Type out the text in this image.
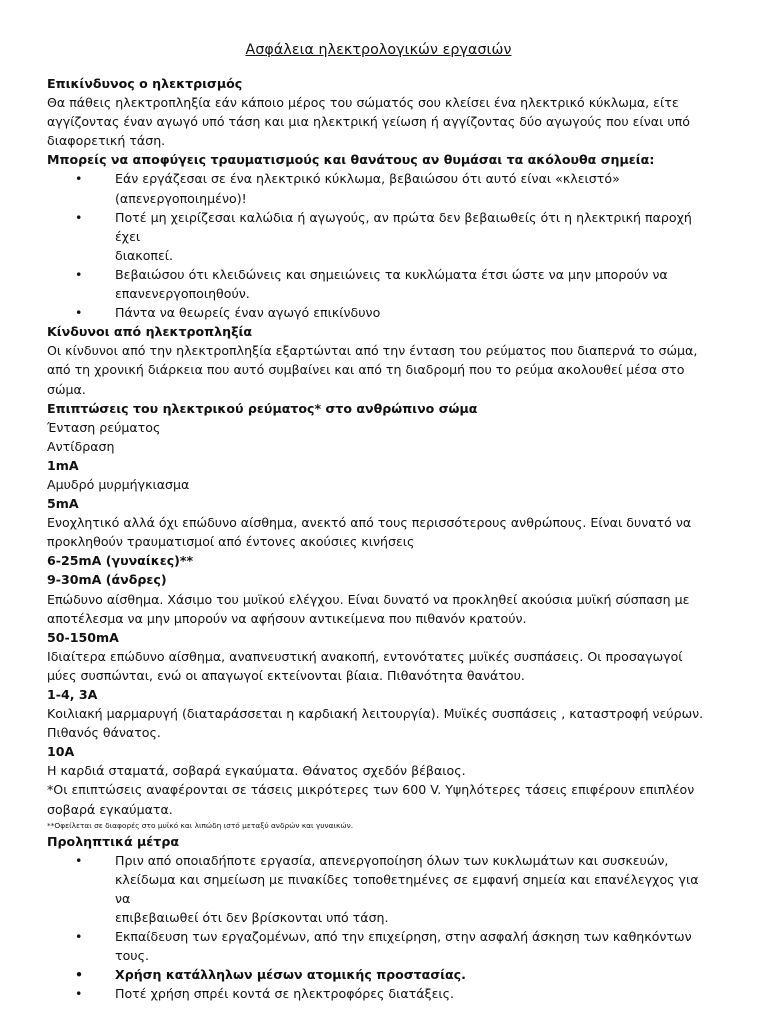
Ασφάλεια ηλεκτρολογικών εργασιών
Επικίνδυνος ο ηλεκτρισμός
Θα πάθεις ηλεκτροπληξία εάν κάποιο μέρος του σώματός σου κλείσει ένα ηλεκτρικό κύκλωμα, είτε
αγγίζοντας έναν αγωγό υπό τάση και μια ηλεκτρική γείωση ή αγγίζοντας δύο αγωγούς που είναι υπό
διαφορετική τάση.
Μπορείς να αποφύγεις τραυματισμούς και θανάτους αν θυμάσαι τα ακόλουθα σημεία:
• Εάν εργάζεσαι σε ένα ηλεκτρικό κύκλωμα, βεβαιώσου ότι αυτό είναι «κλειστό»
(απενεργοποιημένο)!
• Ποτέ μη χειρίζεσαι καλώδια ή αγωγούς, αν πρώτα δεν βεβαιωθείς ότι η ηλεκτρική παροχή έχει
διακοπεί.
• Βεβαιώσου ότι κλειδώνεις και σημειώνεις τα κυκλώματα έτσι ώστε να μην μπορούν να
επανενεργοποιηθούν.
• Πάντα να θεωρείς έναν αγωγό επικίνδυνο
Κίνδυνοι από ηλεκτροπληξία
Οι κίνδυνοι από την ηλεκτροπληξία εξαρτώνται από την ένταση του ρεύματος που διαπερνά το σώμα,
από τη χρονική διάρκεια που αυτό συμβαίνει και από τη διαδρομή που το ρεύμα ακολουθεί μέσα στο
σώμα.
Επιπτώσεις του ηλεκτρικού ρεύματος* στο ανθρώπινο σώμα
Ένταση ρεύματος
Αντίδραση
1mA
Αμυδρό μυρμήγκιασμα
5mA
Ενοχλητικό αλλά όχι επώδυνο αίσθημα, ανεκτό από τους περισσότερους ανθρώπους. Είναι δυνατό να
προκληθούν τραυματισμοί από έντονες ακούσιες κινήσεις
6-25mA (γυναίκες)**
9-30mA (άνδρες)
Επώδυνο αίσθημα. Χάσιμο του μυϊκού ελέγχου. Είναι δυνατό να προκληθεί ακούσια μυϊκή σύσπαση με
αποτέλεσμα να μην μπορούν να αφήσουν αντικείμενα που πιθανόν κρατούν.
50-150mA
Ιδιαίτερα επώδυνο αίσθημα, αναπνευστική ανακοπή, εντονότατες μυϊκές συσπάσεις. Οι προσαγωγοί
μύες συσπώνται, ενώ οι απαγωγοί εκτείνονται βίαια. Πιθανότητα θανάτου.
1-4, 3A
Κοιλιακή μαρμαρυγή (διαταράσσεται η καρδιακή λειτουργία). Μυϊκές συσπάσεις , καταστροφή νεύρων.
Πιθανός θάνατος.
10A
Η καρδιά σταματά, σοβαρά εγκαύματα. Θάνατος σχεδόν βέβαιος.
*Οι επιπτώσεις αναφέρονται σε τάσεις μικρότερες των 600 V. Υψηλότερες τάσεις επιφέρουν επιπλέον
σοβαρά εγκαύματα.
**Οφείλεται σε διαφορές στο μυϊκό και λιπώδη ιστό μεταξύ ανδρών και γυναικών.
Προληπτικά μέτρα
• Πριν από οποιαδήποτε εργασία, απενεργοποίηση όλων των κυκλωμάτων και συσκευών,
κλείδωμα και σημείωση με πινακίδες τοποθετημένες σε εμφανή σημεία και επανέλεγχος για να
επιβεβαιωθεί ότι δεν βρίσκονται υπό τάση.
• Εκπαίδευση των εργαζομένων, από την επιχείρηση, στην ασφαλή άσκηση των καθηκόντων τους.
• Χρήση κατάλληλων μέσων ατομικής προστασίας.
• Ποτέ χρήση σπρέι κοντά σε ηλεκτροφόρες διατάξεις.
